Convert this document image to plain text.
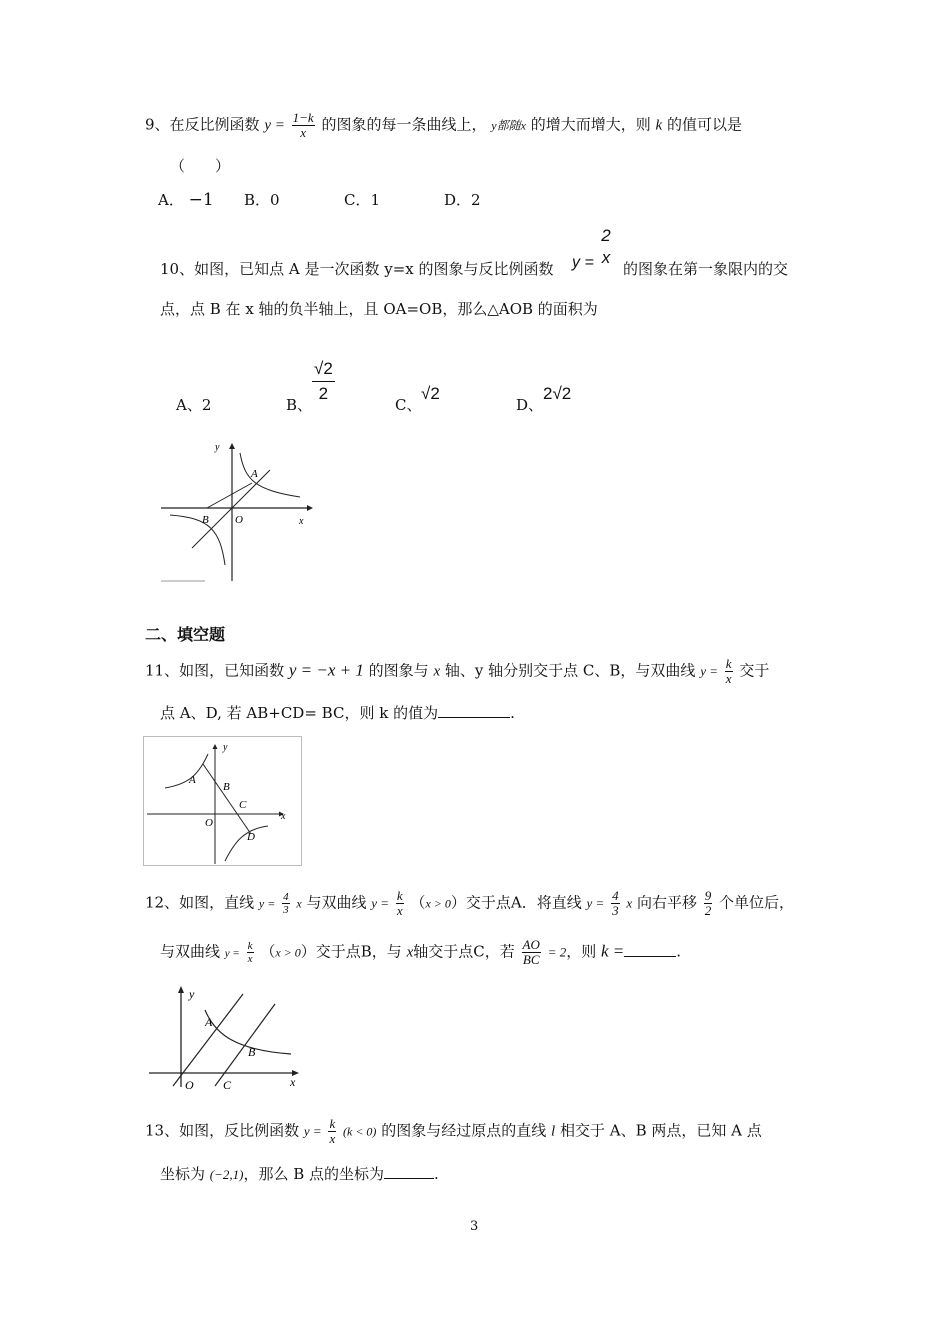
9、在反比例函数 $y = \frac{1-k}{x}$ 的图象的每一条曲线上， y都随x 的增大而增大，则 k 的值可以是
（　　）
A． −1 B．0	C．1	D．2
10、如图，已知点 A 是一次函数 y=x 的图象与反比例函数 y =
2
x
的图象在第一象限内的交
点，点 B 在 x 轴的负半轴上，且 OA=OB，那么△AOB 的面积为
A、2	B、 $\frac{√2}{2}$	C、
√2
D、
2√2
y
x
A
B O
二、填空题
11、如图，已知函数 y = −x + 1 的图象与 x 轴、y 轴分别交于点 C、B，与双曲线 $y = \frac{k}{x}$ 交于
点 A、D, 若 AB+CD= BC，则 k 的值为	.
y
x
A
B
C
D
O
12、如图，直线 $y = \frac{4}{3}$ x 与双曲线 $y = \frac{k}{x} (x > 0)$交于点A．将直线 $y = \frac{4}{3}$ x 向右平移 $\frac{9}{2}$ 个单位后，
与双曲线 $y = \frac{k}{x} (x > 0)$交于点B，与 x轴交于点C，若 $\frac{AO}{BC} = 2$，则 k =	.
y
x
A
B
C
O
13、如图，反比例函数 $y = \frac{k}{x} (k < 0)$ 的图象与经过原点的直线 l 相交于 A、B 两点，已知 A 点
坐标为 (−2,1)，那么 B 点的坐标为	.
3
